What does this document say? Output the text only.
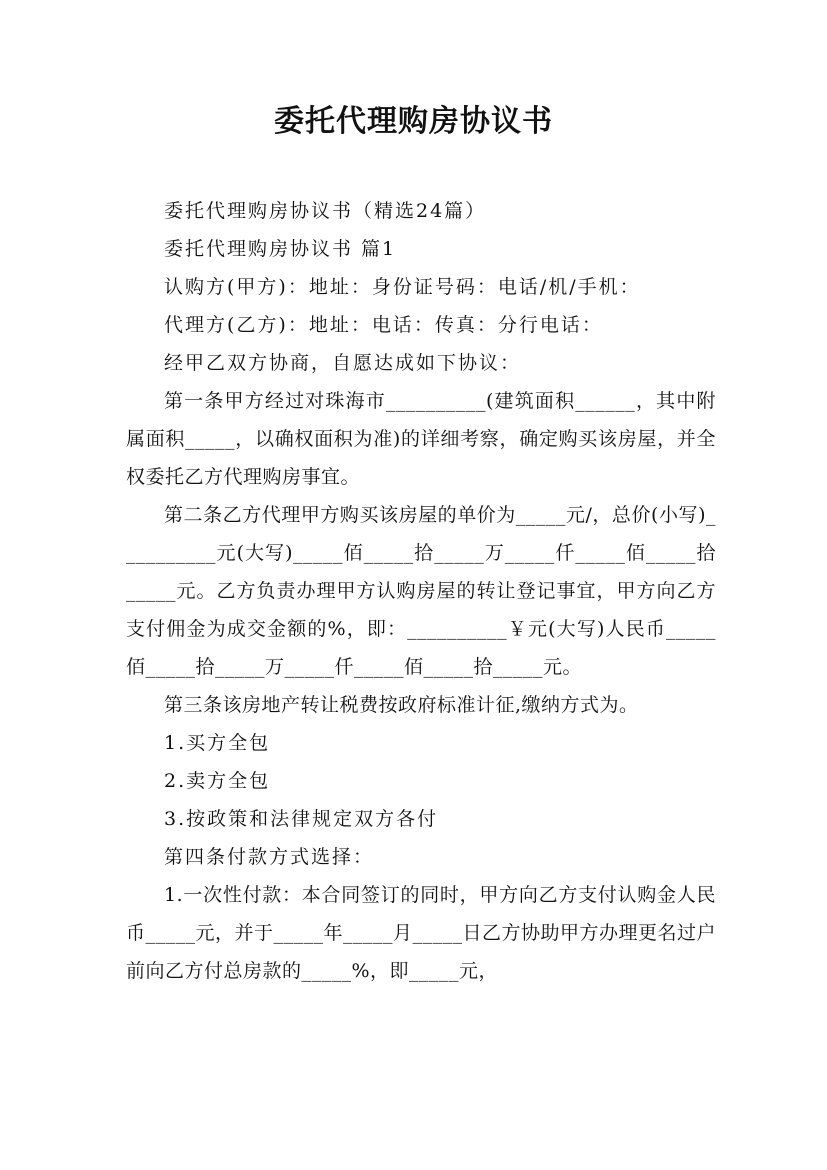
委托代理购房协议书

委托代理购房协议书（精选24篇）

委托代理购房协议书 篇1

认购方(甲方)：地址：身份证号码：电话/机/手机：

代理方(乙方)：地址：电话：传真：分行电话：

经甲乙双方协商，自愿达成如下协议：

第一条甲方经过对珠海市__________(建筑面积______，其中附属面积_____，以确权面积为准)的详细考察，确定购买该房屋，并全权委托乙方代理购房事宜。

第二条乙方代理甲方购买该房屋的单价为_____元/，总价(小写)__________元(大写)_____佰_____拾_____万_____仟_____佰_____拾_____元。乙方负责办理甲方认购房屋的转让登记事宜，甲方向乙方支付佣金为成交金额的%，即：__________￥元(大写)人民币_____佰_____拾_____万_____仟_____佰_____拾_____元。

第三条该房地产转让税费按政府标准计征,缴纳方式为。

1.买方全包

2.卖方全包

3.按政策和法律规定双方各付

第四条付款方式选择：

1.一次性付款：本合同签订的同时，甲方向乙方支付认购金人民币_____元，并于_____年_____月_____日乙方协助甲方办理更名过户前向乙方付总房款的_____%，即_____元，
